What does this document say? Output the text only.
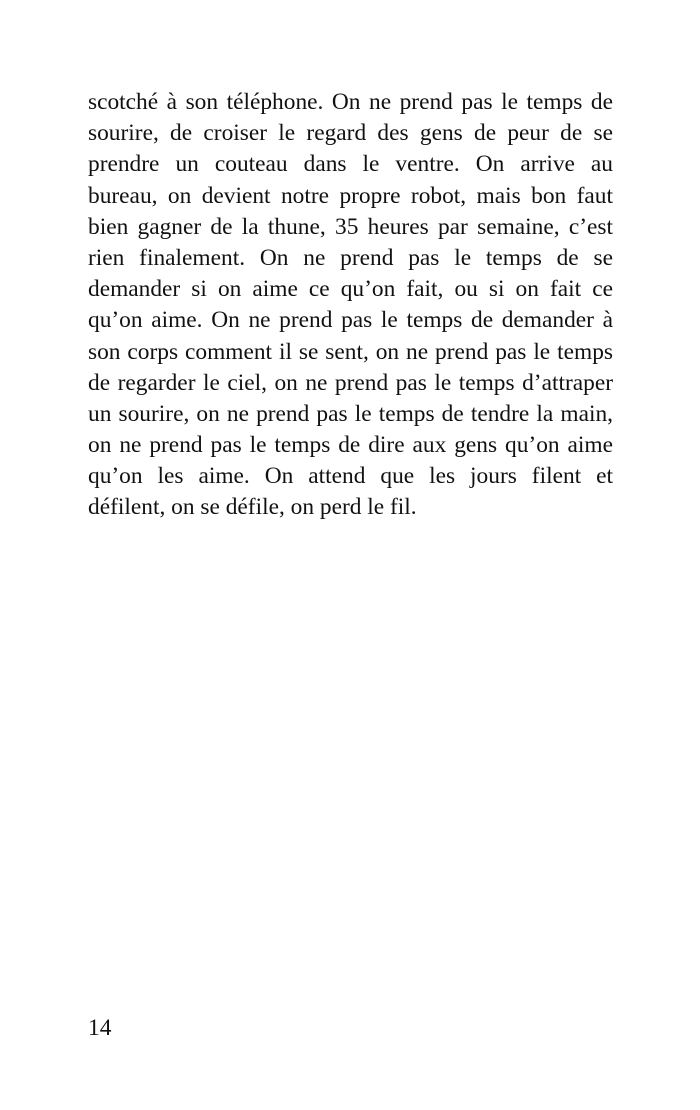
scotché à son téléphone. On ne prend pas le temps de
sourire, de croiser le regard des gens de peur de se
prendre un couteau dans le ventre. On arrive au
bureau, on devient notre propre robot, mais bon faut
bien gagner de la thune, 35 heures par semaine, c’est
rien finalement. On ne prend pas le temps de se
demander si on aime ce qu’on fait, ou si on fait ce
qu’on aime. On ne prend pas le temps de demander à
son corps comment il se sent, on ne prend pas le temps
de regarder le ciel, on ne prend pas le temps d’attraper
un sourire, on ne prend pas le temps de tendre la main,
on ne prend pas le temps de dire aux gens qu’on aime
qu’on les aime. On attend que les jours filent et
défilent, on se défile, on perd le fil.
14
